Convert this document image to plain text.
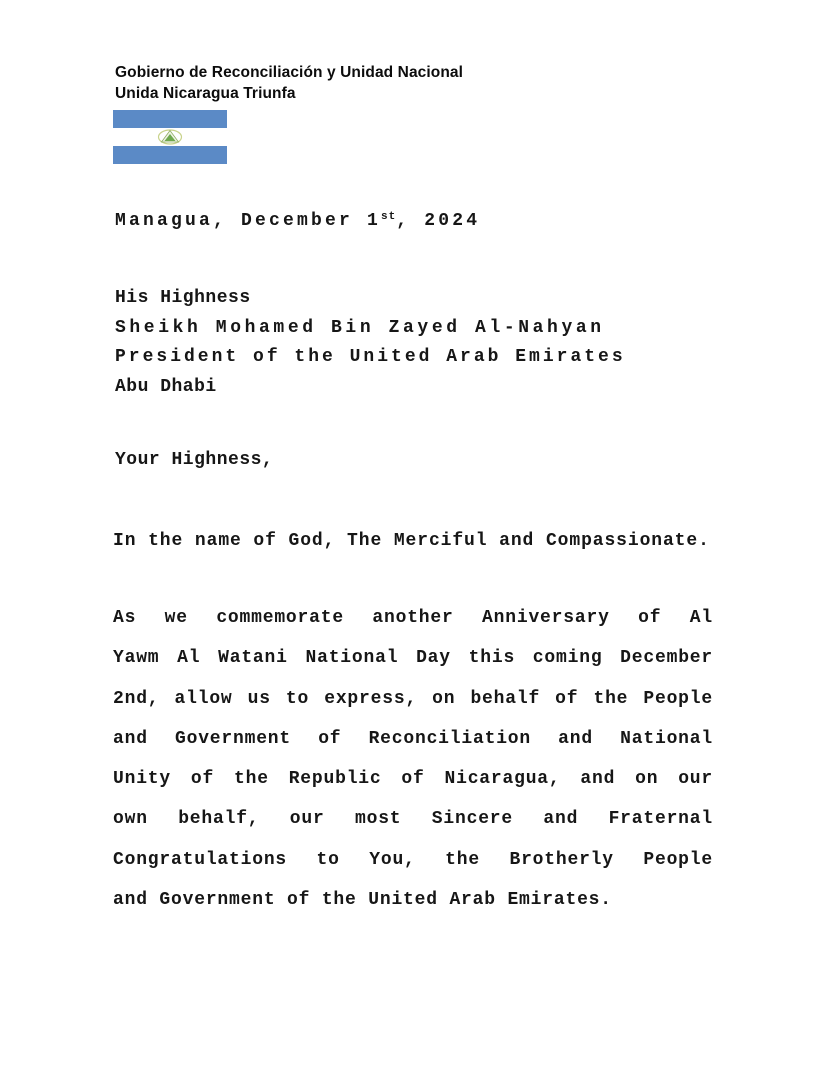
Gobierno de Reconciliación y Unidad Nacional
Unida Nicaragua Triunfa
Managua, December 1st, 2024
His Highness
Sheikh Mohamed Bin Zayed Al-Nahyan
President of the United Arab Emirates
Abu Dhabi
Your Highness,
In the name of God, The Merciful and Compassionate.
As we commemorate another Anniversary of Al
Yawm Al Watani National Day this coming December
2nd, allow us to express, on behalf of the People
and Government of Reconciliation and National
Unity of the Republic of Nicaragua, and on our
own behalf, our most Sincere and Fraternal
Congratulations to You, the Brotherly People
and Government of the United Arab Emirates.
